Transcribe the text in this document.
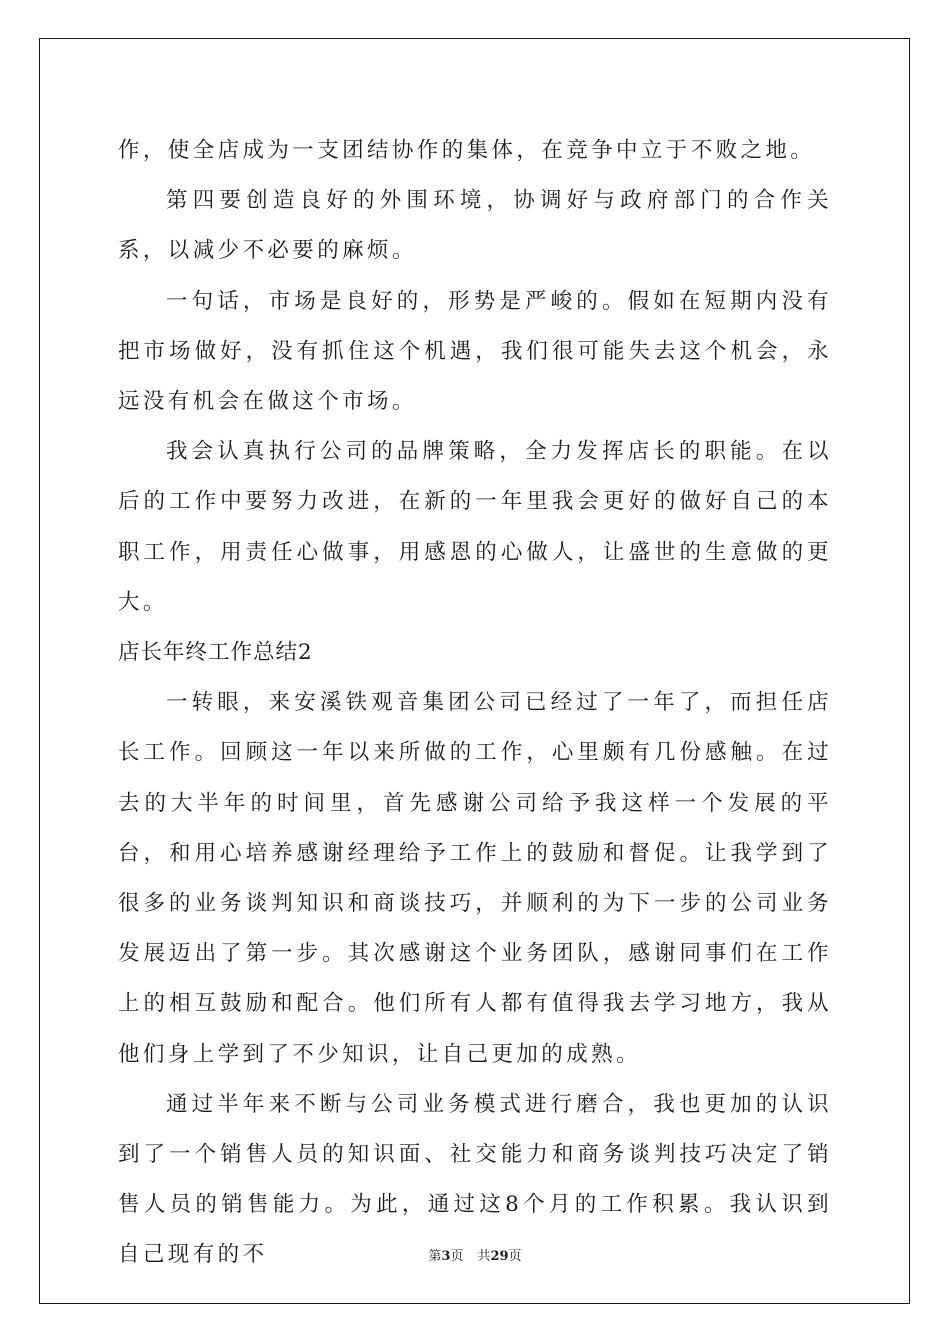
作，使全店成为一支团结协作的集体，在竞争中立于不败之地。

第四要创造良好的外围环境，协调好与政府部门的合作关系，以减少不必要的麻烦。

一句话，市场是良好的，形势是严峻的。假如在短期内没有把市场做好，没有抓住这个机遇，我们很可能失去这个机会，永远没有机会在做这个市场。

我会认真执行公司的品牌策略，全力发挥店长的职能。在以后的工作中要努力改进，在新的一年里我会更好的做好自己的本职工作，用责任心做事，用感恩的心做人，让盛世的生意做的更大。

店长年终工作总结2

一转眼，来安溪铁观音集团公司已经过了一年了，而担任店长工作。回顾这一年以来所做的工作，心里颇有几份感触。在过去的大半年的时间里，首先感谢公司给予我这样一个发展的平台，和用心培养感谢经理给予工作上的鼓励和督促。让我学到了很多的业务谈判知识和商谈技巧，并顺利的为下一步的公司业务发展迈出了第一步。其次感谢这个业务团队，感谢同事们在工作上的相互鼓励和配合。他们所有人都有值得我去学习地方，我从他们身上学到了不少知识，让自己更加的成熟。

通过半年来不断与公司业务模式进行磨合，我也更加的认识到了一个销售人员的知识面、社交能力和商务谈判技巧决定了销售人员的销售能力。为此，通过这8个月的工作积累。我认识到自己现有的不	第3页 共29页
